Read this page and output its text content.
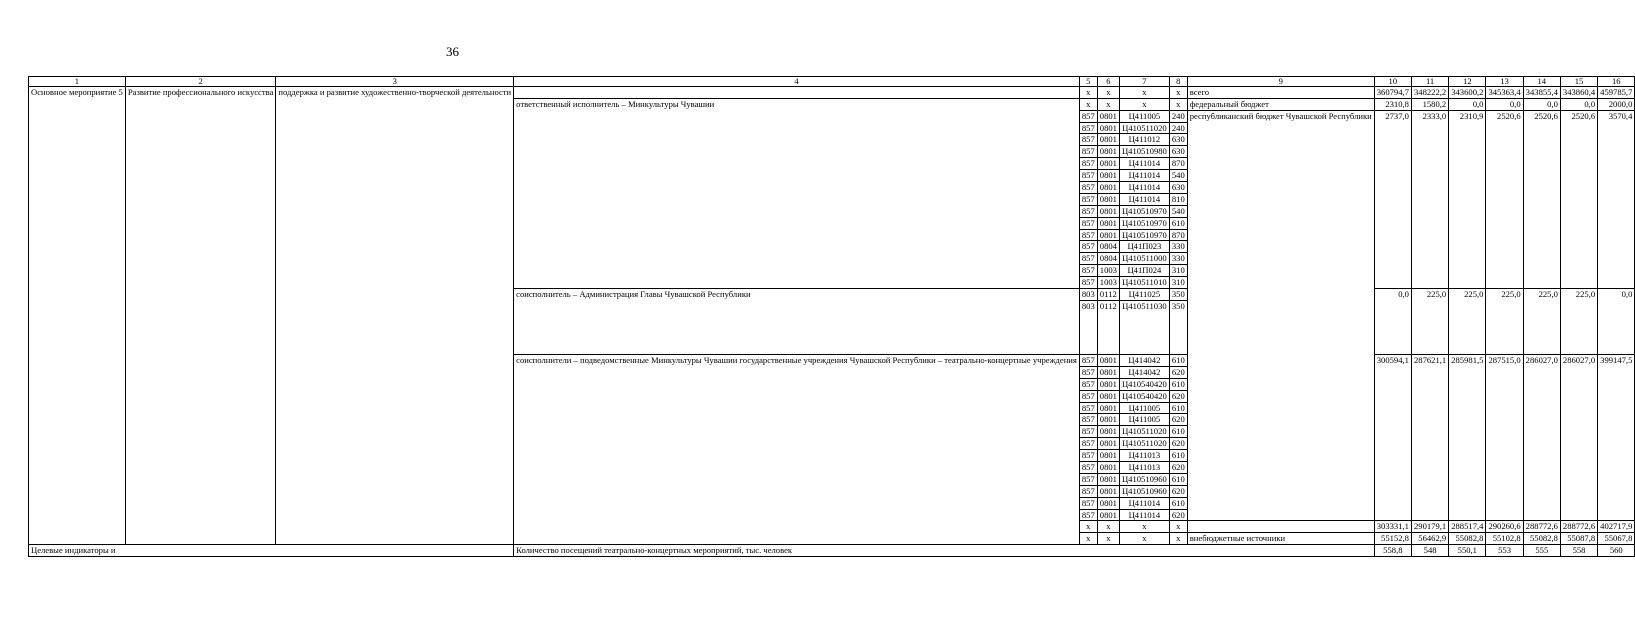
36
1	2	3	4	5	6	7	8	9	10	11	12	13	14	15	16
Основное мероприятие 5	Развитие профессионального искусства	поддержка и развитие художественно-творческой деятельности		x	x	x	x	всего	360794,7	348222,2	343600,2	345363,4	343855,4	343860,4	459785,7
			ответственный исполнитель – Минкультуры Чувашии	x	x	x	x	федеральный бюджет	2310,8	1580,2	0,0	0,0	0,0	0,0	2000,0
				857	0801	Ц411005	240	республиканский бюджет Чувашской Республики	2737,0	2333,0	2310,9	2520,6	2520,6	2520,6	3570,4
				857	0801	Ц410511020	240								
				857	0801	Ц411012	630								
				857	0801	Ц410510980	630								
				857	0801	Ц411014	870								
				857	0801	Ц411014	540								
				857	0801	Ц411014	630								
				857	0801	Ц411014	810								
				857	0801	Ц410510970	540								
				857	0801	Ц410510970	610								
				857	0801	Ц410510970	870								
				857	0804	Ц41П023	330								
				857	0804	Ц410511000	330								
				857	1003	Ц41П024	310								
				857	1003	Ц410511010	310								
			соисполнитель – Администрация Главы Чувашской Республики	803	0112	Ц411025	350		0,0	225,0	225,0	225,0	225,0	225,0	0,0
				803	0112	Ц410511030	350								
			соисполнители – подведомственные Минкультуры Чувашии государственные учреждения Чувашской Республики – театрально-концертные учреждения	857	0801	Ц414042	610		300594,1	287621,1	285981,5	287515,0	286027,0	286027,0	399147,5
				857	0801	Ц414042	620								
				857	0801	Ц410540420	610								
				857	0801	Ц410540420	620								
				857	0801	Ц411005	610								
				857	0801	Ц411005	620								
				857	0801	Ц410511020	610								
				857	0801	Ц410511020	620								
				857	0801	Ц411013	610								
				857	0801	Ц411013	620								
				857	0801	Ц410510960	610								
				857	0801	Ц410510960	620								
				857	0801	Ц411014	610								
				857	0801	Ц411014	620								
				x	x	x	x		303331,1	290179,1	288517,4	290260,6	288772,6	288772,6	402717,9
				x	x	x	x	внебюджетные источники	55152,8	56462,9	55082,8	55102,8	55082,8	55087,8	55067,8
Целевые индикаторы и			Количество посещений театрально-концертных мероприятий, тыс. человек						558,8	548	550,1	553	555	558	560
